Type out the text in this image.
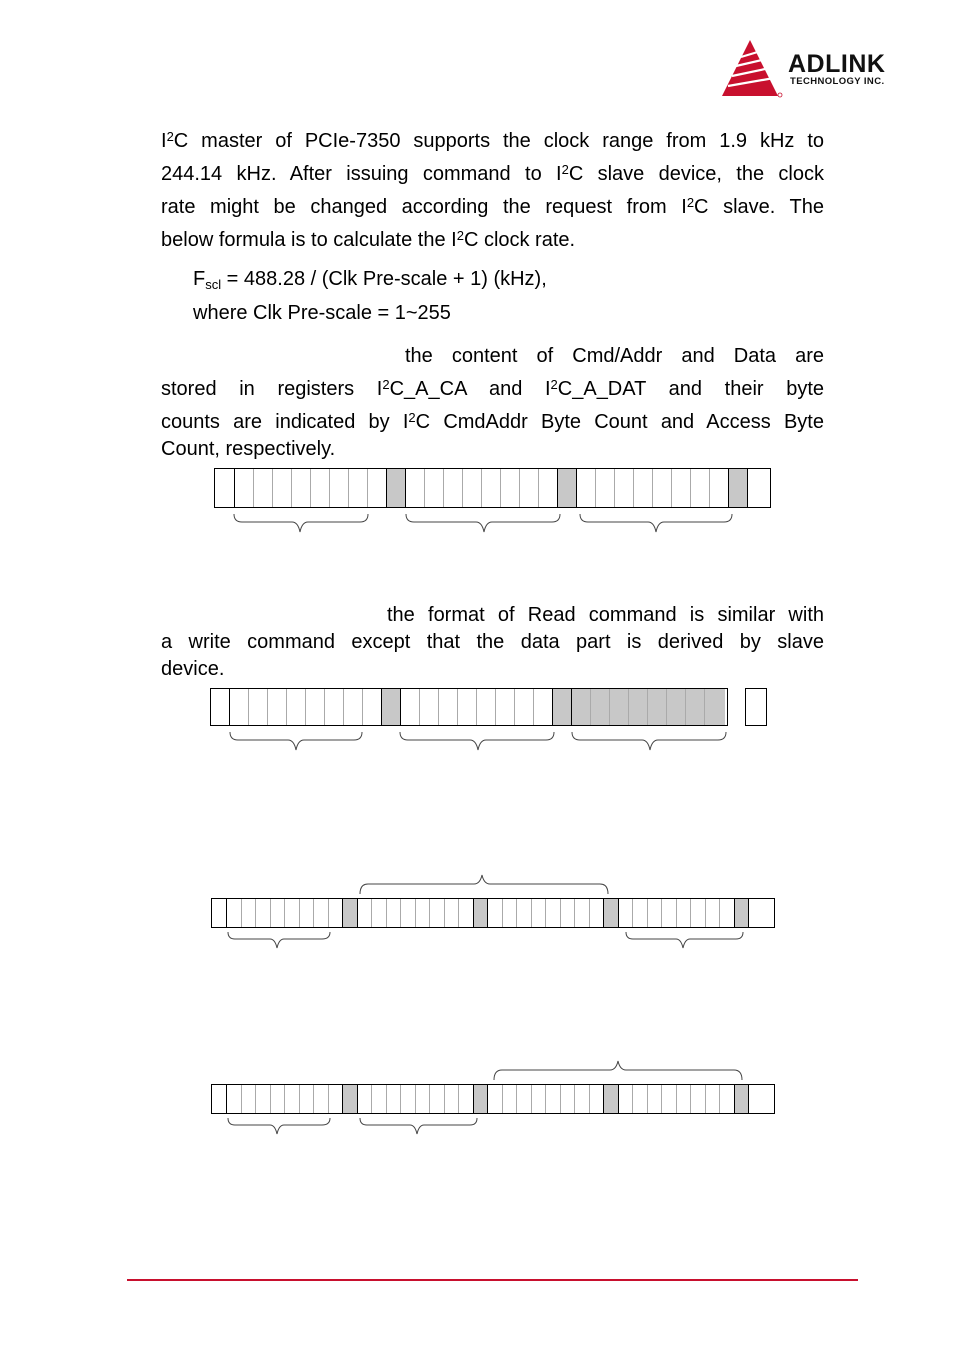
ADLINK
TECHNOLOGY INC.
$I^2C$ master of PCIe-7350 supports the clock range from 1.9 kHz to
244.14 kHz. After issuing command to $I^2C$ slave device, the clock
rate might be changed according the request from $I^2C$ slave. The
below formula is to calculate the $I^2C$ clock rate.
$F_{scl} = 488.28 / (Clk$ Pre-scale + 1) (kHz),
where Clk Pre-scale = 1~255
the content of Cmd/Addr and Data are
stored in registers $I^2C\_A\_CA$ and $I^2C\_A\_DAT$ and their byte
counts are indicated by $I^2C$ CmdAddr Byte Count and Access Byte
Count, respectively.
the format of Read command is similar with
a write command except that the data part is derived by slave
device.
